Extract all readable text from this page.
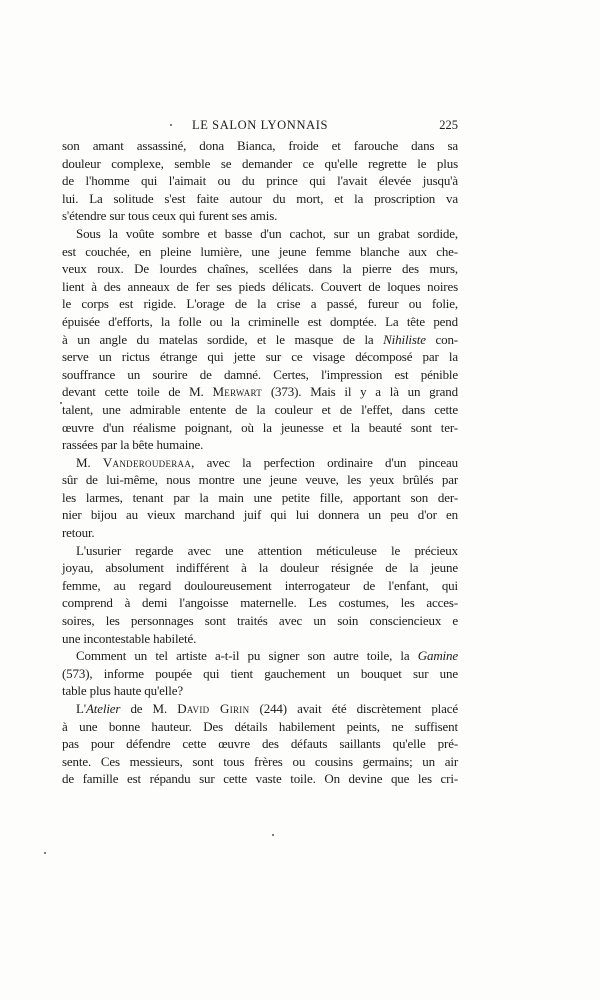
LE SALON LYONNAIS	225

son amant assassiné, dona Bianca, froide et farouche dans sa

douleur complexe, semble se demander ce qu'elle regrette le plus

de l'homme qui l'aimait ou du prince qui l'avait élevée jusqu'à

lui. La solitude s'est faite autour du mort, et la proscription va

s'étendre sur tous ceux qui furent ses amis.

Sous la voûte sombre et basse d'un cachot, sur un grabat sordide,

est couchée, en pleine lumière, une jeune femme blanche aux che-

veux roux. De lourdes chaînes, scellées dans la pierre des murs,

lient à des anneaux de fer ses pieds délicats. Couvert de loques noires

le corps est rigide. L'orage de la crise a passé, fureur ou folie,

épuisée d'efforts, la folle ou la criminelle est domptée. La tête pend

à un angle du matelas sordide, et le masque de la Nihiliste con-

serve un rictus étrange qui jette sur ce visage décomposé par la

souffrance un sourire de damné. Certes, l'impression est pénible

devant cette toile de M. Merwart (373). Mais il y a là un grand

talent, une admirable entente de la couleur et de l'effet, dans cette

œuvre d'un réalisme poignant, où la jeunesse et la beauté sont ter-

rassées par la bête humaine.

M. Vanderouderaa, avec la perfection ordinaire d'un pinceau

sûr de lui-même, nous montre une jeune veuve, les yeux brûlés par

les larmes, tenant par la main une petite fille, apportant son der-

nier bijou au vieux marchand juif qui lui donnera un peu d'or en

retour.

L'usurier regarde avec une attention méticuleuse le précieux

joyau, absolument indifférent à la douleur résignée de la jeune

femme, au regard douloureusement interrogateur de l'enfant, qui

comprend à demi l'angoisse maternelle. Les costumes, les acces-

soires, les personnages sont traités avec un soin consciencieux e

une incontestable habileté.

Comment un tel artiste a-t-il pu signer son autre toile, la Gamine

(573), informe poupée qui tient gauchement un bouquet sur une

table plus haute qu'elle?

L'Atelier de M. David Girin (244) avait été discrètement placé

à une bonne hauteur. Des détails habilement peints, ne suffisent

pas pour défendre cette œuvre des défauts saillants qu'elle pré-

sente. Ces messieurs, sont tous frères ou cousins germains; un air

de famille est répandu sur cette vaste toile. On devine que les cri-
